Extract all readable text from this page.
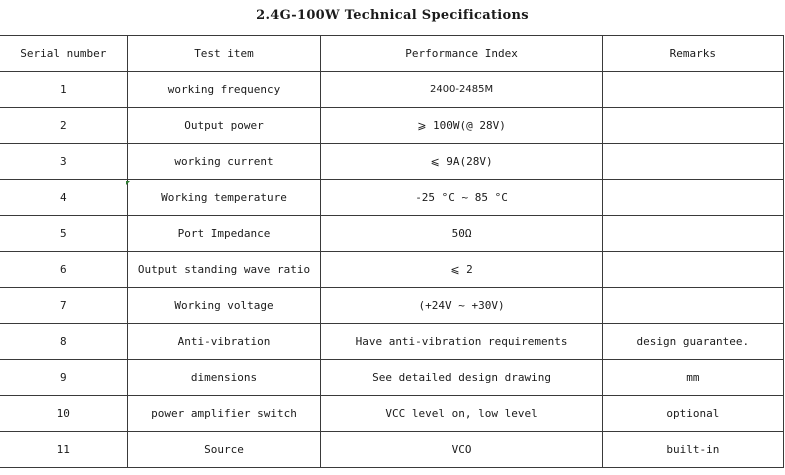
2.4G-100W Technical Specifications
Serial number	Test item	Performance Index	Remarks
1	working frequency	2400-2485M	
2	Output power	⩾ 100W(@ 28V)	
3	working current	⩽ 9A(28V)	
4	Working temperature	-25 °C ~ 85 °C	
5	Port Impedance	50Ω	
6	Output standing wave ratio	⩽ 2	
7	Working voltage	(+24V ~ +30V)	
8	Anti-vibration	Have anti-vibration requirements	design guarantee.
9	dimensions	See detailed design drawing	mm
10	power amplifier switch	VCC level on, low level	optional
11	Source	VCO	built-in
